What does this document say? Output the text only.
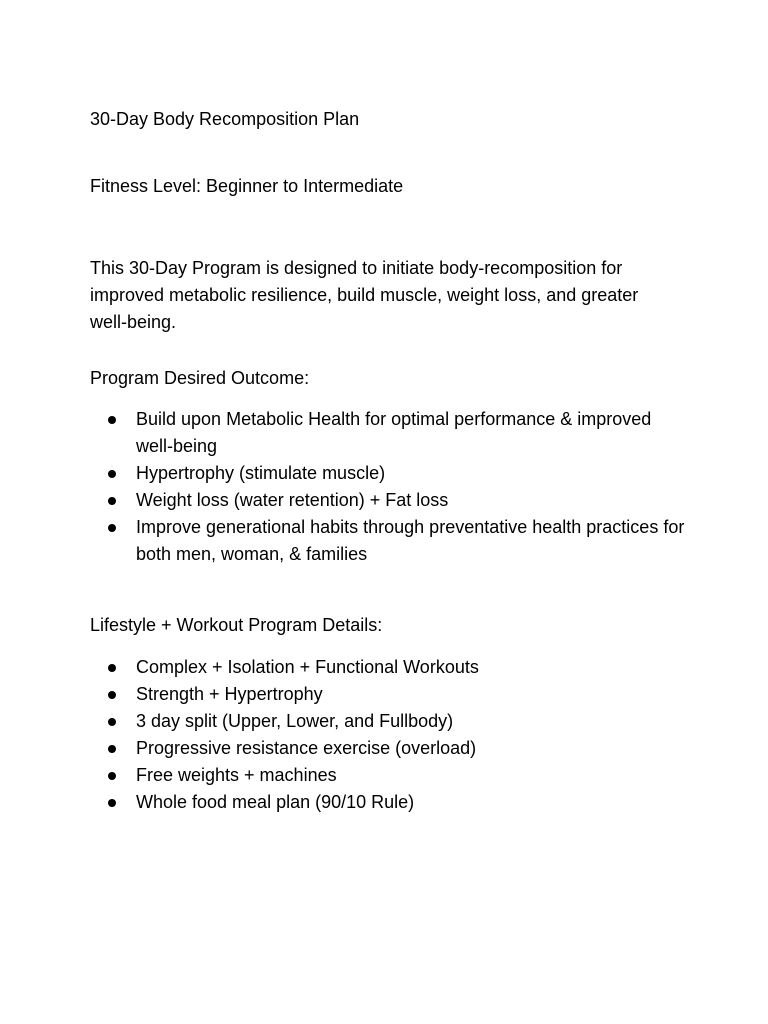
30-Day Body Recomposition Plan

Fitness Level: Beginner to Intermediate

This 30-Day Program is designed to initiate body-recomposition for improved metabolic resilience, build muscle, weight loss, and greater well-being.

Program Desired Outcome:

Build upon Metabolic Health for optimal performance & improved well-being
Hypertrophy (stimulate muscle)
Weight loss (water retention) + Fat loss
Improve generational habits through preventative health practices for both men, woman, & families

Lifestyle + Workout Program Details:

Complex + Isolation + Functional Workouts
Strength + Hypertrophy
3 day split (Upper, Lower, and Fullbody)
Progressive resistance exercise (overload)
Free weights + machines
Whole food meal plan (90/10 Rule)
